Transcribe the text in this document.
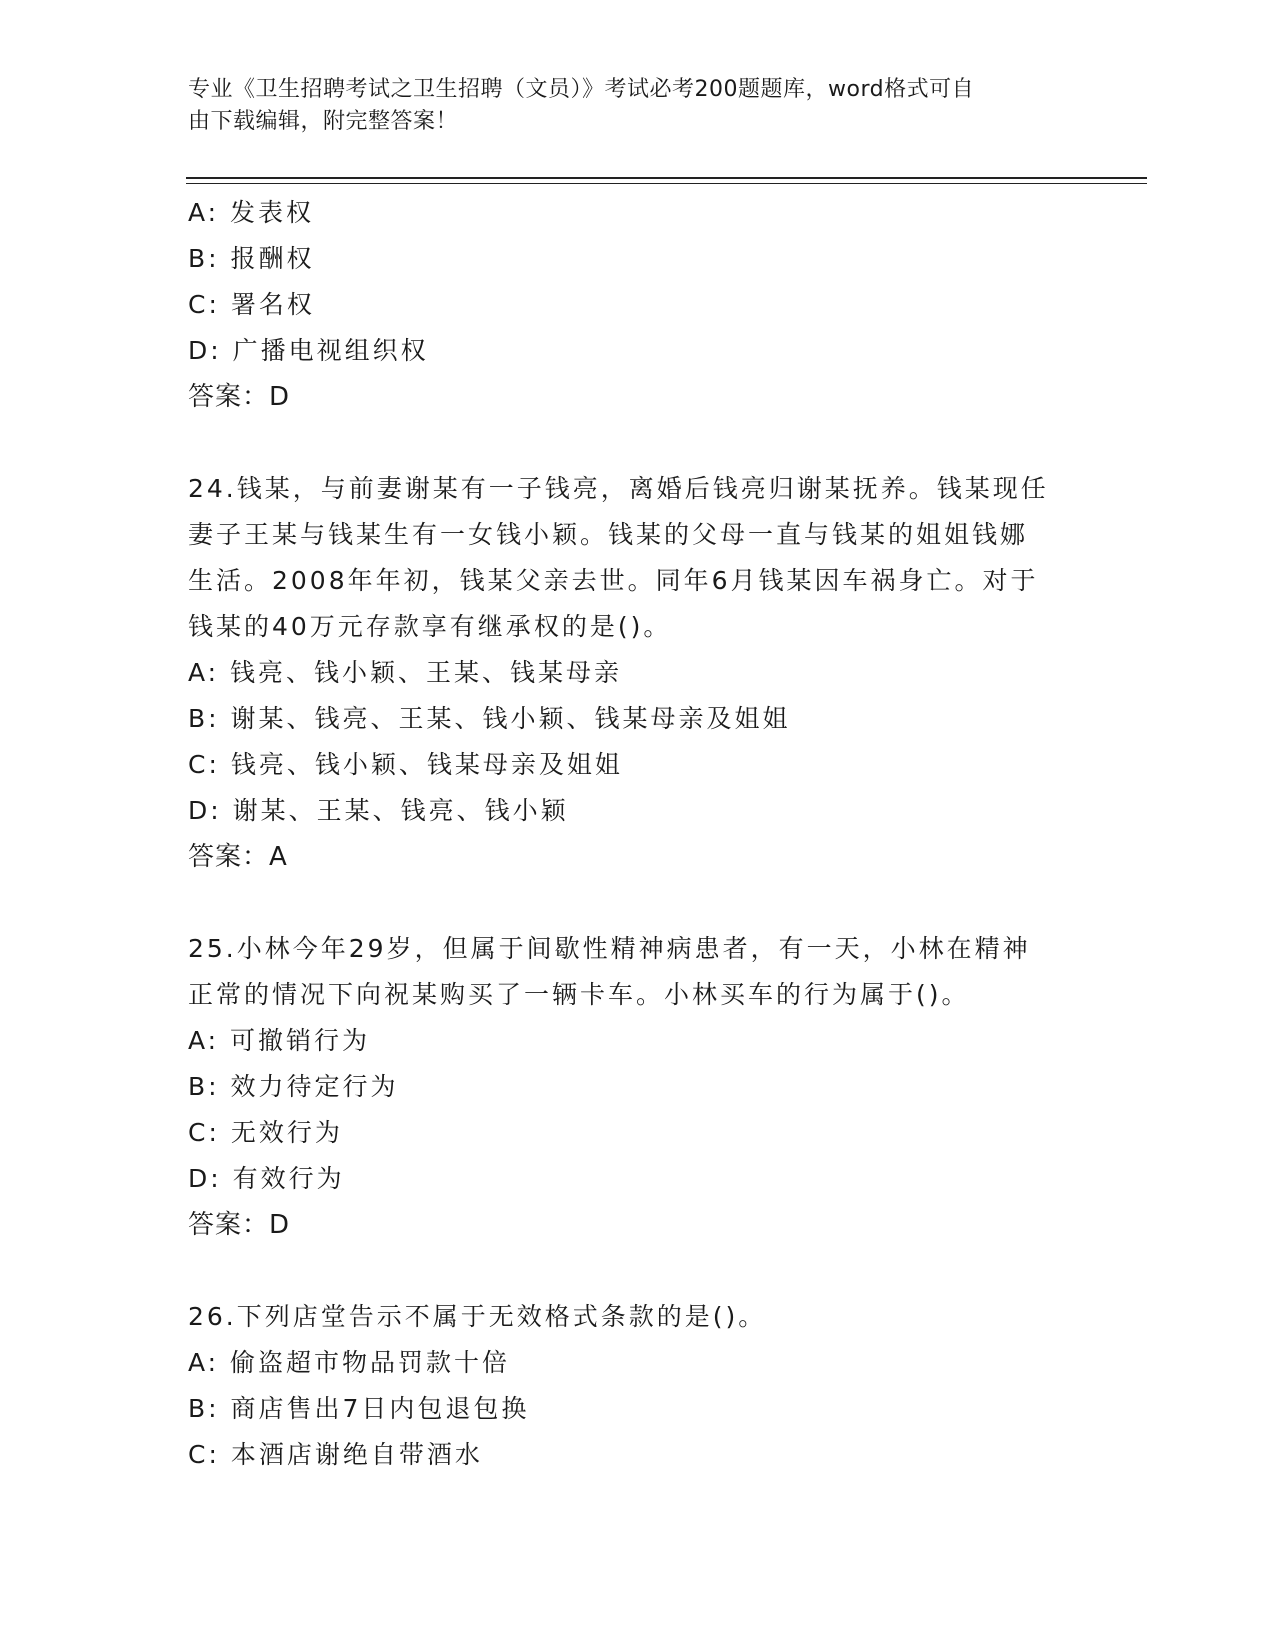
专业《卫生招聘考试之卫生招聘（文员）》考试必考200题题库，word格式可自
由下载编辑，附完整答案！
A: 发表权
B: 报酬权
C: 署名权
D: 广播电视组织权
答案：D
24.钱某，与前妻谢某有一子钱亮，离婚后钱亮归谢某抚养。钱某现任
妻子王某与钱某生有一女钱小颖。钱某的父母一直与钱某的姐姐钱娜
生活。2008年年初，钱某父亲去世。同年6月钱某因车祸身亡。对于
钱某的40万元存款享有继承权的是()。
A: 钱亮、钱小颖、王某、钱某母亲
B: 谢某、钱亮、王某、钱小颖、钱某母亲及姐姐
C: 钱亮、钱小颖、钱某母亲及姐姐
D: 谢某、王某、钱亮、钱小颖
答案：A
25.小林今年29岁，但属于间歇性精神病患者，有一天，小林在精神
正常的情况下向祝某购买了一辆卡车。小林买车的行为属于()。
A: 可撤销行为
B: 效力待定行为
C: 无效行为
D: 有效行为
答案：D
26.下列店堂告示不属于无效格式条款的是()。
A: 偷盗超市物品罚款十倍
B: 商店售出7日内包退包换
C: 本酒店谢绝自带酒水
